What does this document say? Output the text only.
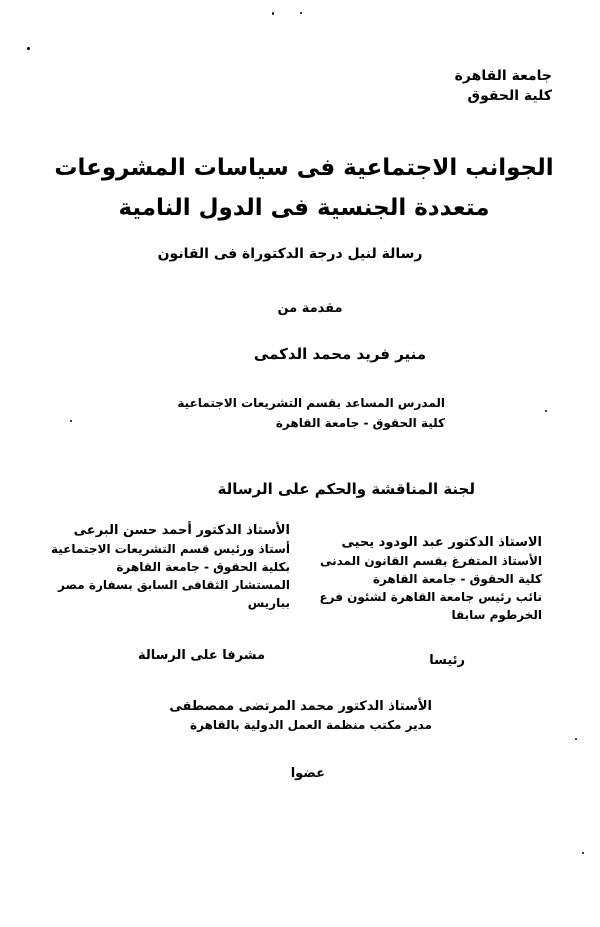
جامعة القاهرة
كلية الحقوق
الجوانب الاجتماعية فى سياسات المشروعات
متعددة الجنسية فى الدول النامية
رسالة لنيل درجة الدكتوراة فى القانون
مقدمة من
منير فريد محمد الدكمى
المدرس المساعد بقسم التشريعات الاجتماعية
كلية الحقوق - جامعة القاهرة
لجنة المناقشة والحكم على الرسالة
الاستاذ الدكتور عبد الودود يحيى
الأستاذ المتفرغ بقسم القانون المدنى
كلية الحقوق - جامعة القاهرة
نائب رئيس جامعة القاهرة لشئون فرع
الخرطوم سابقا
الأستاذ الدكتور أحمد حسن البرعى
أستاذ ورئيس قسم التشريعات الاجتماعية
بكلية الحقوق - جامعة القاهرة
المستشار الثقافى السابق بسفارة مصر
بباريس
رئيسا
مشرفا على الرسالة
الأستاذ الدكتور محمد المرتضى ممصطفى
مدير مكتب منظمة العمل الدولية بالقاهرة
عضوا
